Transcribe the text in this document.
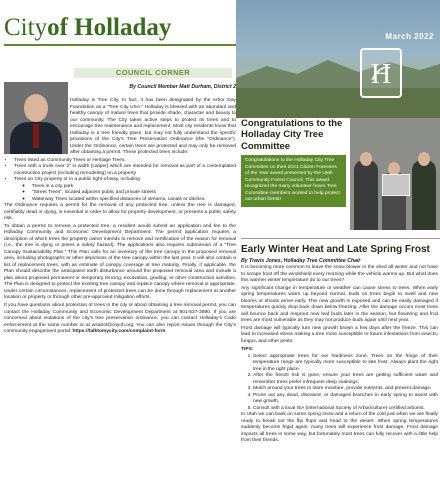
Cityof Holladay	March 2022
H
COUNCIL CORNER
By Council Member Matt Durham, District 2

Holladay is Tree City. In fact, it has been designated by the Arbor Day Foundation as a “Tree City USA.” Holladay is blessed with an abundant and healthy canopy of mature trees that provide shade, character and beauty to our community. The City takes active steps to protect its trees and to encourage tree maintenance and replacement. Most city residents know that Holladay is a tree friendly place, but may not fully understand the specific provisions of the City’s Tree Preservation Ordinance (the “Ordinance”). Under the Ordinance, certain trees are protected and may only be removed after obtaining a permit. These protected trees include:

• Trees listed as Community Trees or Heritage Trees.
• Trees with a trunk over 2” in width [caliper] which are intended for removal as part of a contemplated construction project (including remodeling) on a property
• Trees on City property or in a public right-of-way, including
◦ Trees in a city park
◦ “Street Trees”, located adjacent public and private streets
◦ Waterway Trees located within specified distances of streams, canals or ditches.

The Ordinance requires a permit for the removal of any protected tree, unless the tree is damaged, certifiably dead or dying, is essential in order to allow for property development, or presents a public safety risk.

To obtain a permit to remove a protected tree, a resident would submit an application and fee to the Holladay Community and Economic Development Department. The permit application requires a description of which trees the property owner intends to remove and certification of the reason for removal (i.e., the tree is dying or poses a safety hazard). The applications also requires submission of a “Tree Canopy Sustainability Plan.” This Plan calls for an inventory of the tree canopy in the proposed removal area, including photographs or other depictions of the tree canopy within the last year. It will also contain a list of replacement trees, with an estimate of canopy coverage at tree maturity. Finally, if applicable, the Plan should describe the anticipated earth disturbance around the proposed removal area and include a plan about proposed permanent or temporary fencing, excavation, grading, or other construction activities. The Plan is designed to protect the existing tree canopy and replace canopy where removal is appropriate. Under certain circumstances, replacement of protected trees can be done through replacement at another location or property or through other pre-approved mitigation efforts.

If you have questions about protection of trees in the city or about obtaining a tree removal permit, you can contact the Holladay Community and Economic Development Department at 801-527-3890. If you are concerned about violations of the city’s tree preservation ordinance, you can contact Holladay’s Code enforcement at the same number or at wsabol@cityoh.org. You can also report issues through the City’s community engagement portal: https://talktomycity.com/complaint-form

Congratulations to the Holladay City Tree Committee
Congratulations to the Holladay City Tree Committee on their 2021 Citizen Foresters of the Year award presented by the Utah Community Forest Council. This award recognized the many volunteer hours Tree Committee members worked to help protect our urban forest!
Early Winter Heat and Late Spring Frost
By Travis Jones, Holladay Tree Committee Chair

It is becoming more common to leave the snow blower in the shed all winter and not have to scrape frost off the windshield every morning while the vehicle warms up. But what does this warmer winter temperature do to our trees?

Any significant change in temperature or weather can cause stress to trees. When early spring temperatures warm up beyond normal, buds on trees begin to swell and new blooms or shoots arrive early. This new growth is exposed and can be easily damaged if temperatures quickly drop back down below freezing. After the damage occurs most trees will bounce back and resprout new leaf buds later in the season, but flowering and fruit trees are most vulnerable as they may not produce buds again until next year.

Frost damage will typically turn new growth brown a few days after the freeze. This can lead to increased stress making a tree more susceptible to future infestations from insects, fungus, and other pests.

TIPS:
1. Select appropriate trees for our hardiness zone. Trees on the fringe of their temperature range are typically more susceptible to late frost. Always plant the right tree in the right place.
2. After the freeze risk is gone, ensure your trees are getting sufficient water and remember trees prefer infrequent deep soakings.
3. Mulch around your trees to store moisture, provide nutrients, and prevent damage.
4. Prune out any dead, diseased, or damaged branches in early spring to assist with new growth.
5. Consult with a local ISA (International Society of Arboriculture) certified arborist.

In Utah we can bank on some spring snow and a return of the cold just when we are finally ready to break out the flip flops and head to the desert. When spring temperatures suddenly become frigid again, many trees will experience frost damage. Frost damage impacts all trees in some way, but fortunately most trees can fully recover with a little help from their friends.
